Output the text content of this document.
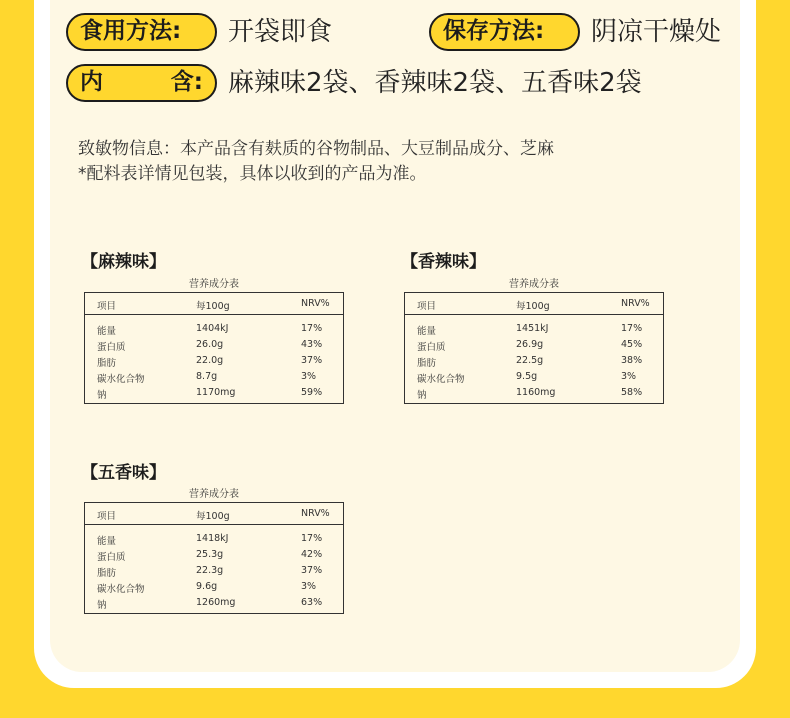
食用方法:	开袋即食	保存方法:	阴凉干燥处
内	含: 麻辣味2袋、香辣味2袋、五香味2袋
致敏物信息：本产品含有麸质的谷物制品、大豆制品成分、芝麻
*配料表详情见包装，具体以收到的产品为准。
【麻辣味】
营养成分表
项目	每100g	NRV%
能量	1404kJ	17%
蛋白质	26.0g	43%
脂肪	22.0g	37%
碳水化合物	8.7g	3%
钠	1170mg	59%
【香辣味】
营养成分表
项目	每100g	NRV%
能量	1451kJ	17%
蛋白质	26.9g	45%
脂肪	22.5g	38%
碳水化合物	9.5g	3%
钠	1160mg	58%
【五香味】
营养成分表
项目	每100g	NRV%
能量	1418kJ	17%
蛋白质	25.3g	42%
脂肪	22.3g	37%
碳水化合物	9.6g	3%
钠	1260mg	63%
